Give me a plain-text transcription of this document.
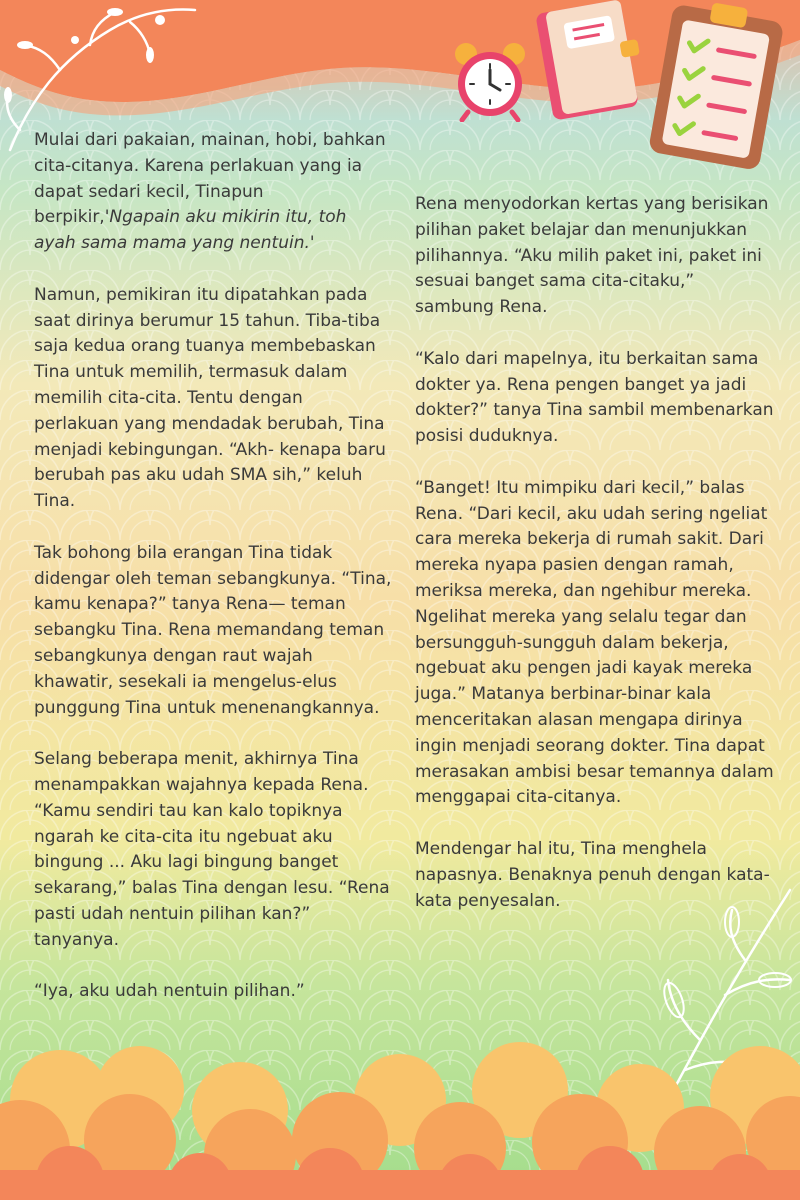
Mulai dari pakaian, mainan, hobi, bahkan cita-citanya. Karena perlakuan yang ia dapat sedari kecil, Tinapun berpikir,'Ngapain aku mikirin itu, toh ayah sama mama yang nentuin.'

Namun, pemikiran itu dipatahkan pada saat dirinya berumur 15 tahun. Tiba-tiba saja kedua orang tuanya membebaskan Tina untuk memilih, termasuk dalam memilih cita-cita. Tentu dengan perlakuan yang mendadak berubah, Tina menjadi kebingungan. “Akh- kenapa baru berubah pas aku udah SMA sih,” keluh Tina.

Tak bohong bila erangan Tina tidak didengar oleh teman sebangkunya. “Tina, kamu kenapa?” tanya Rena— teman sebangku Tina. Rena memandang teman sebangkunya dengan raut wajah khawatir, sesekali ia mengelus-elus punggung Tina untuk menenangkannya.

Selang beberapa menit, akhirnya Tina menampakkan wajahnya kepada Rena. “Kamu sendiri tau kan kalo topiknya ngarah ke cita-cita itu ngebuat aku bingung ... Aku lagi bingung banget sekarang,” balas Tina dengan lesu. “Rena pasti udah nentuin pilihan kan?” tanyanya.

“Iya, aku udah nentuin pilihan.”

Rena menyodorkan kertas yang berisikan pilihan paket belajar dan menunjukkan pilihannya. “Aku milih paket ini, paket ini sesuai banget sama cita-citaku,” sambung Rena.

“Kalo dari mapelnya, itu berkaitan sama dokter ya. Rena pengen banget ya jadi dokter?” tanya Tina sambil membenarkan posisi duduknya.

“Banget! Itu mimpiku dari kecil,” balas Rena. “Dari kecil, aku udah sering ngeliat cara mereka bekerja di rumah sakit. Dari mereka nyapa pasien dengan ramah, meriksa mereka, dan ngehibur mereka. Ngelihat mereka yang selalu tegar dan bersungguh-sungguh dalam bekerja, ngebuat aku pengen jadi kayak mereka juga.” Matanya berbinar-binar kala menceritakan alasan mengapa dirinya ingin menjadi seorang dokter. Tina dapat merasakan ambisi besar temannya dalam menggapai cita-citanya.

Mendengar hal itu, Tina menghela napasnya. Benaknya penuh dengan kata-kata penyesalan.
